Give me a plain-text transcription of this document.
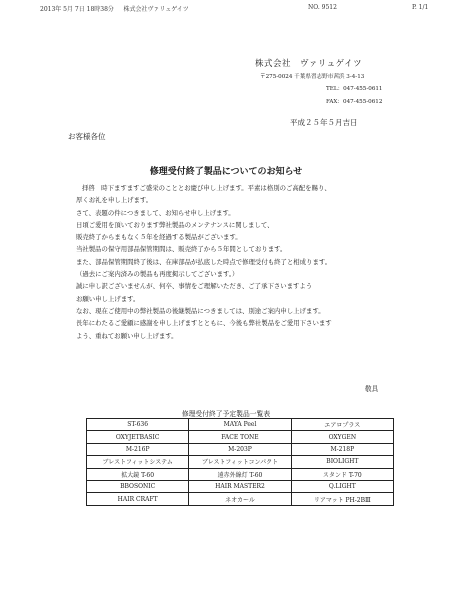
2013年 5月 7日 18時38分 株式会社ヴァリュゲイツ	NO. 9512	P. 1/1
株式会社　ヴァリュゲイツ
〒275-0024 千葉県習志野市茜浜 3-4-13
TEL：047-455-0611
FAX：047-455-0612
平成２５年５月吉日
お客様各位
修理受付終了製品についてのお知らせ
拝啓　時下ますますご盛栄のこととお慶び申し上げます。平素は格別のご高配を賜り、
厚くお礼を申し上げます。
さて、表題の件につきまして、お知らせ申し上げます。
日頃ご愛用を頂いております弊社製品のメンテナンスに関しまして、
販売終了からまもなく５年を経過する製品がございます。
当社製品の保守用部品保管期間は、販売終了から５年間としております。
また、部品保管期間終了後は、在庫部品が払底した時点で修理受付も終了と相成ります。
（過去にご案内済みの製品も再度掲示してございます。）
誠に申し訳ございませんが、何卒、事情をご理解いただき、ご了承下さいますよう
お願い申し上げます。
なお、現在ご使用中の弊社製品の後継製品につきましては、別途ご案内申し上げます。
長年にわたるご愛顧に感謝を申し上げますとともに、今後も弊社製品をご愛用下さいます
よう、重ねてお願い申し上げます。
敬具
修理受付終了予定製品一覧表
ST-636	MAYA Peel	エアロプラス
OXYJETBASIC	FACE TONE	OXYGEN
M-216P	M-203P	M-218P
ブレストフィットシステム	ブレストフィットコンパクト	BIOLIGHT
拡大鏡 T-60	遠赤外線灯 T-60	スタンド T-70
BBOSONIC	HAIR MASTER2	Q.LIGHT
HAIR CRAFT	ネオカール	リアマット PH-2BⅢ
